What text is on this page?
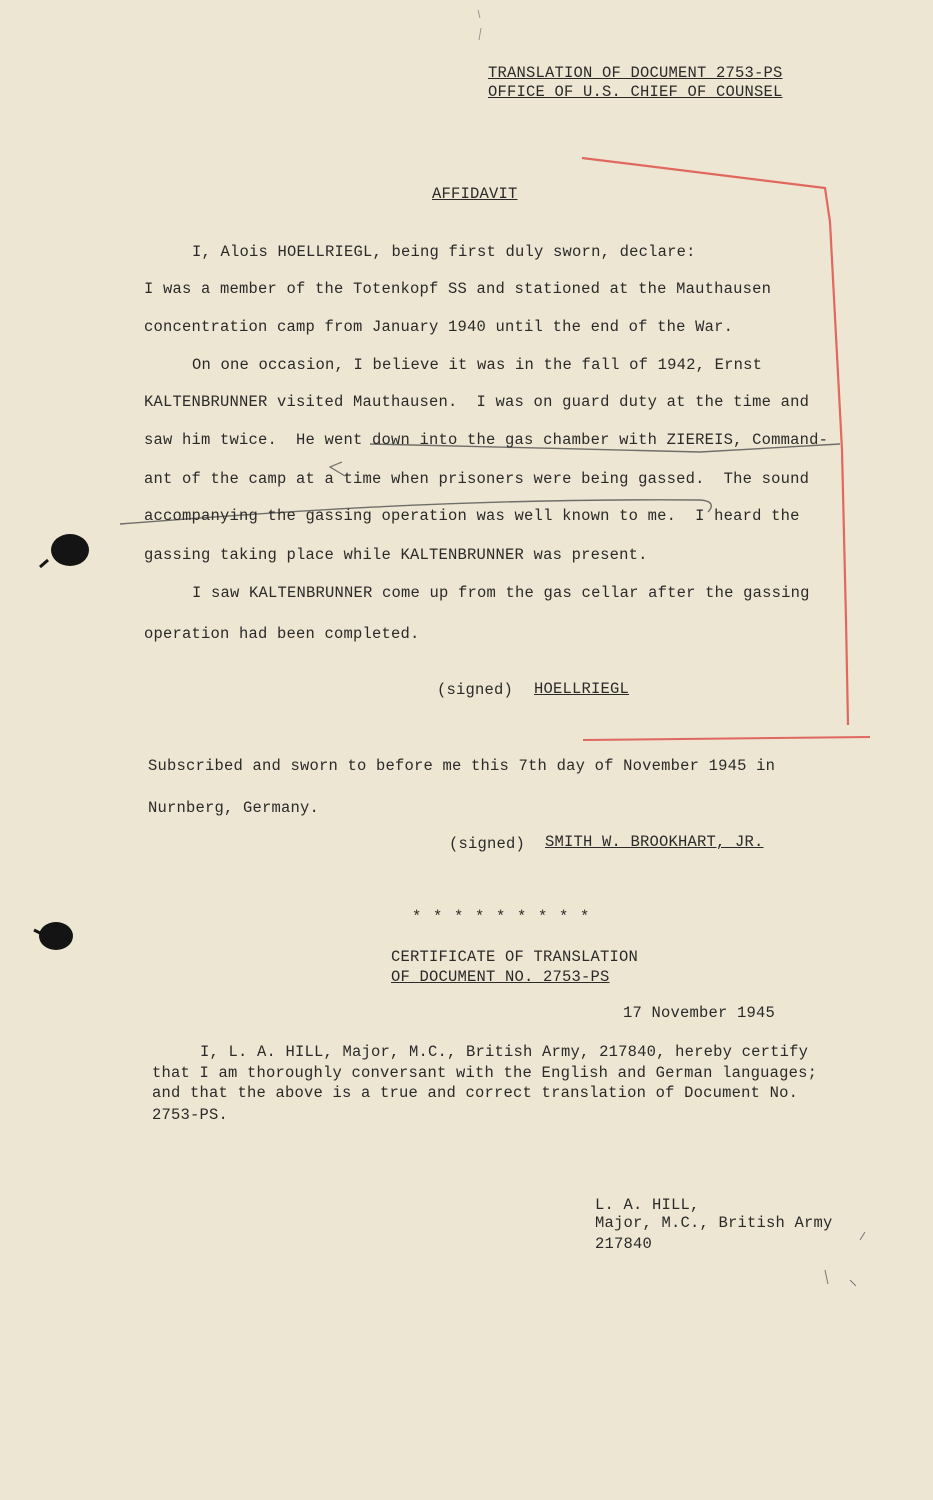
TRANSLATION OF DOCUMENT 2753-PS
OFFICE OF U.S. CHIEF OF COUNSEL
AFFIDAVIT
I, Alois HOELLRIEGL, being first duly sworn, declare:
I was a member of the Totenkopf SS and stationed at the Mauthausen
concentration camp from January 1940 until the end of the War.
On one occasion, I believe it was in the fall of 1942, Ernst
KALTENBRUNNER visited Mauthausen.  I was on guard duty at the time and
saw him twice.  He went down into the gas chamber with ZIEREIS, Command-
ant of the camp at a time when prisoners were being gassed.  The sound
accompanying the gassing operation was well known to me.  I heard the
gassing taking place while KALTENBRUNNER was present.
I saw KALTENBRUNNER come up from the gas cellar after the gassing
operation had been completed.
(signed) HOELLRIEGL
Subscribed and sworn to before me this 7th day of November 1945 in
Nurnberg, Germany.
(signed) SMITH W. BROOKHART, JR.
* * * * * * * * *
CERTIFICATE OF TRANSLATION
OF DOCUMENT NO. 2753-PS
17 November 1945
I, L. A. HILL, Major, M.C., British Army, 217840, hereby certify
that I am thoroughly conversant with the English and German languages;
and that the above is a true and correct translation of Document No.
2753-PS.
L. A. HILL,
Major, M.C., British Army
217840
